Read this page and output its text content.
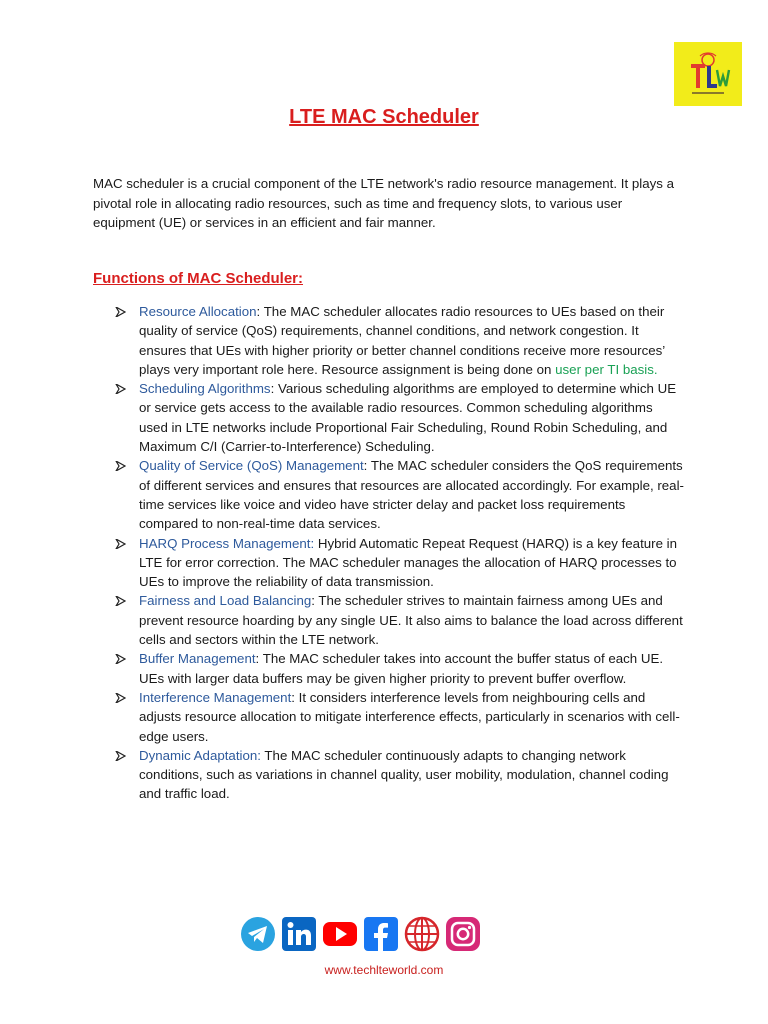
LTE MAC Scheduler

MAC scheduler is a crucial component of the LTE network's radio resource management. It plays a pivotal role in allocating radio resources, such as time and frequency slots, to various user equipment (UE) or services in an efficient and fair manner.

Functions of MAC Scheduler:
Resource Allocation: The MAC scheduler allocates radio resources to UEs based on their quality of service (QoS) requirements, channel conditions, and network congestion. It ensures that UEs with higher priority or better channel conditions receive more resources’ plays very important role here. Resource assignment is being done on user per TI basis.
Scheduling Algorithms: Various scheduling algorithms are employed to determine which UE or service gets access to the available radio resources. Common scheduling algorithms used in LTE networks include Proportional Fair Scheduling, Round Robin Scheduling, and Maximum C/I (Carrier-to-Interference) Scheduling.
Quality of Service (QoS) Management: The MAC scheduler considers the QoS requirements of different services and ensures that resources are allocated accordingly. For example, real-time services like voice and video have stricter delay and packet loss requirements compared to non-real-time data services.
HARQ Process Management: Hybrid Automatic Repeat Request (HARQ) is a key feature in LTE for error correction. The MAC scheduler manages the allocation of HARQ processes to UEs to improve the reliability of data transmission.
Fairness and Load Balancing: The scheduler strives to maintain fairness among UEs and prevent resource hoarding by any single UE. It also aims to balance the load across different cells and sectors within the LTE network.
Buffer Management: The MAC scheduler takes into account the buffer status of each UE. UEs with larger data buffers may be given higher priority to prevent buffer overflow.
Interference Management: It considers interference levels from neighbouring cells and adjusts resource allocation to mitigate interference effects, particularly in scenarios with cell-edge users.
Dynamic Adaptation: The MAC scheduler continuously adapts to changing network conditions, such as variations in channel quality, user mobility, modulation, channel coding and traffic load.
www.techlteworld.com
